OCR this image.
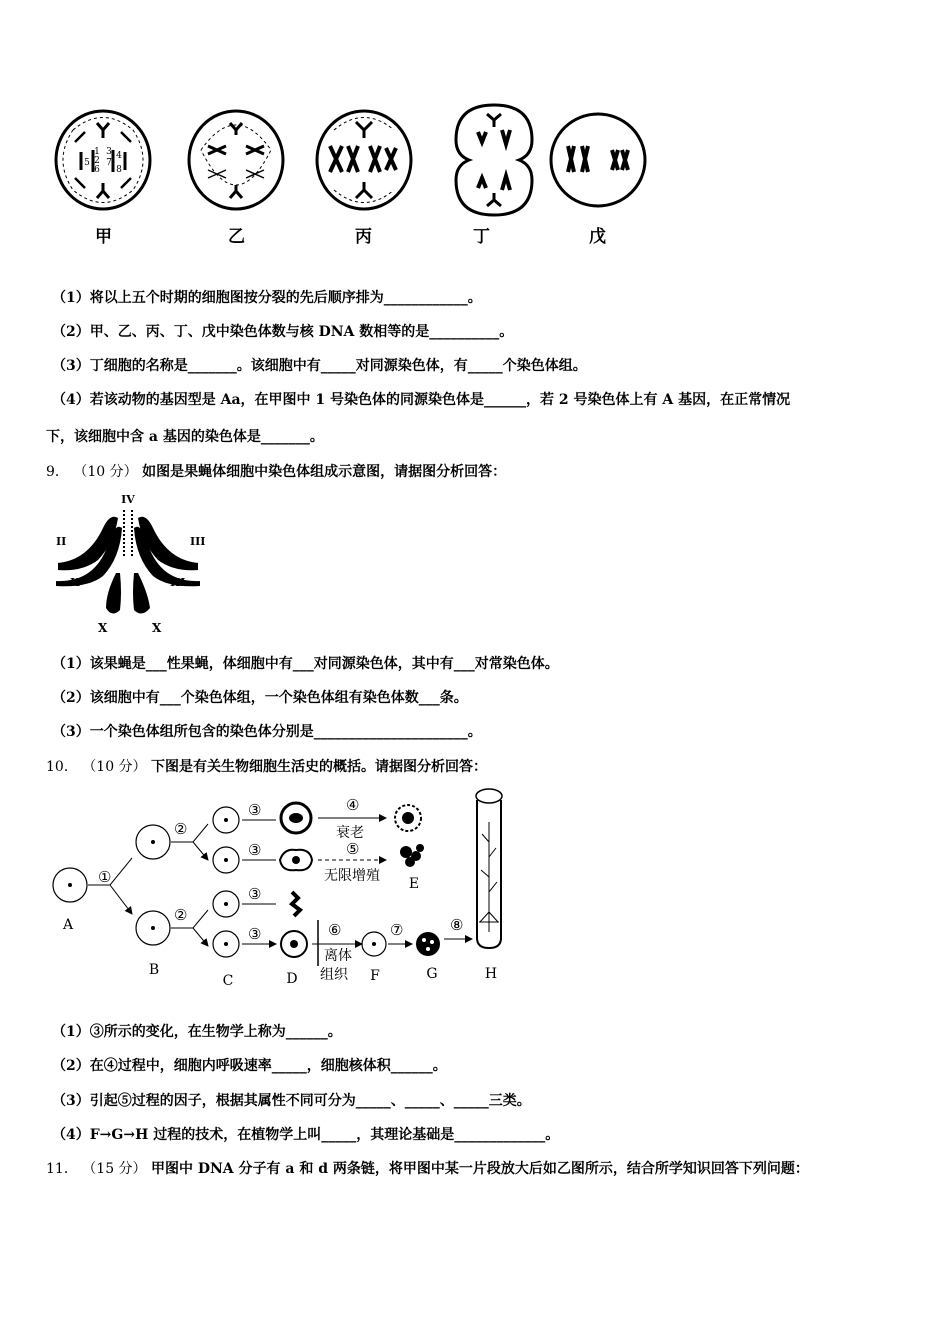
1
2
5
6
3 4
7
8
甲	乙	丙	丁	戊
（1）将以上五个时期的细胞图按分裂的先后顺序排为____________。
（2）甲、乙、丙、丁、戊中染色体数与核 DNA 数相等的是__________。
（3）丁细胞的名称是_______。该细胞中有_____对同源染色体，有_____个染色体组。
（4）若该动物的基因型是 Aa，在甲图中 1 号染色体的同源染色体是______，若 2 号染色体上有 A 基因，在正常情况
下，该细胞中含 a 基因的染色体是_______。
9． （10 分） 如图是果蝇体细胞中染色体组成示意图，请据图分析回答：
IV
II
II
III
III
X	X
（1）该果蝇是___性果蝇，体细胞中有___对同源染色体，其中有___对常染色体。
（2）该细胞中有___个染色体组，一个染色体组有染色体数___条。
（3）一个染色体组所包含的染色体分别是______________________。
10． （10 分） 下图是有关生物细胞生活史的概括。请据图分析回答：
A
①
B
②
②
C
③
③
③
③
D
④
衰老
⑤
无限增殖 E
⑥
离体
组织 F
⑦
G
⑧
H
（1）③所示的变化，在生物学上称为______。
（2）在④过程中，细胞内呼吸速率_____，细胞核体积______。
（3）引起⑤过程的因子，根据其属性不同可分为_____、_____、_____三类。
（4）F→G→H 过程的技术，在植物学上叫_____，其理论基础是_____________。
11． （15 分） 甲图中 DNA 分子有 a 和 d 两条链，将甲图中某一片段放大后如乙图所示，结合所学知识回答下列问题：
